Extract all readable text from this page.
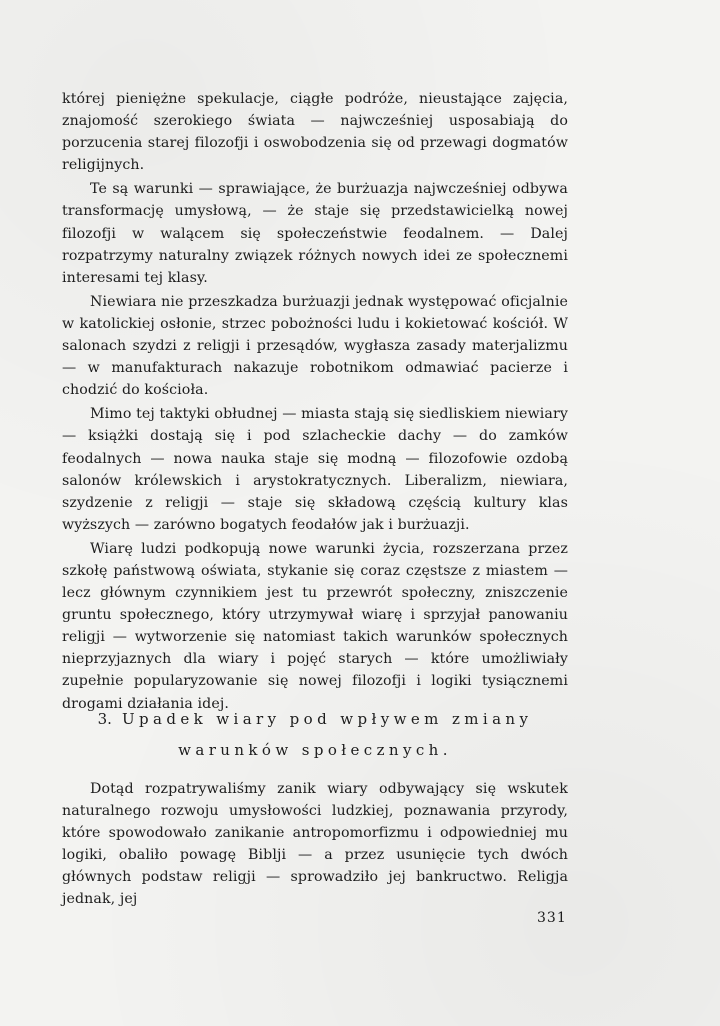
której pieniężne spekulacje, ciągłe podróże, nieustające zajęcia, znajomość szerokiego świata — najwcześniej usposabiają do porzucenia starej filozofji i oswobodzenia się od przewagi dogmatów religijnych.

Te są warunki — sprawiające, że burżuazja najwcześniej odbywa transformację umysłową, — że staje się przedstawicielką nowej filozofji w walącem się społeczeństwie feodalnem. — Dalej rozpatrzymy naturalny związek różnych nowych idei ze społecznemi interesami tej klasy.

Niewiara nie przeszkadza burżuazji jednak występować oficjalnie w katolickiej osłonie, strzec pobożności ludu i kokietować kościół. W salonach szydzi z religji i przesądów, wygłasza zasady materjalizmu — w manufakturach nakazuje robotnikom odmawiać pacierze i chodzić do kościoła.

Mimo tej taktyki obłudnej — miasta stają się siedliskiem niewiary — książki dostają się i pod szlacheckie dachy — do zamków feodalnych — nowa nauka staje się modną — filozofowie ozdobą salonów królewskich i arystokratycznych. Liberalizm, niewiara, szydzenie z religji — staje się składową częścią kultury klas wyższych — zarówno bogatych feodałów jak i burżuazji.

Wiarę ludzi podkopują nowe warunki życia, rozszerzana przez szkołę państwową oświata, stykanie się coraz częstsze z miastem — lecz głównym czynnikiem jest tu przewrót społeczny, zniszczenie gruntu społecznego, który utrzymywał wiarę i sprzyjał panowaniu religji — wytworzenie się natomiast takich warunków społecznych nieprzyjaznych dla wiary i pojęć starych — które umożliwiały zupełnie popularyzowanie się nowej filozofji i logiki tysiącznemi drogami działania idej.

3. Upadek wiary pod wpływem zmiany
warunków społecznych.

Dotąd rozpatrywaliśmy zanik wiary odbywający się wskutek naturalnego rozwoju umysłowości ludzkiej, poznawania przyrody, które spowodowało zanikanie antropomorfizmu i odpowiedniej mu logiki, obaliło powagę Biblji — a przez usunięcie tych dwóch głównych podstaw religji — sprowadziło jej bankructwo. Religja jednak, jej

331
